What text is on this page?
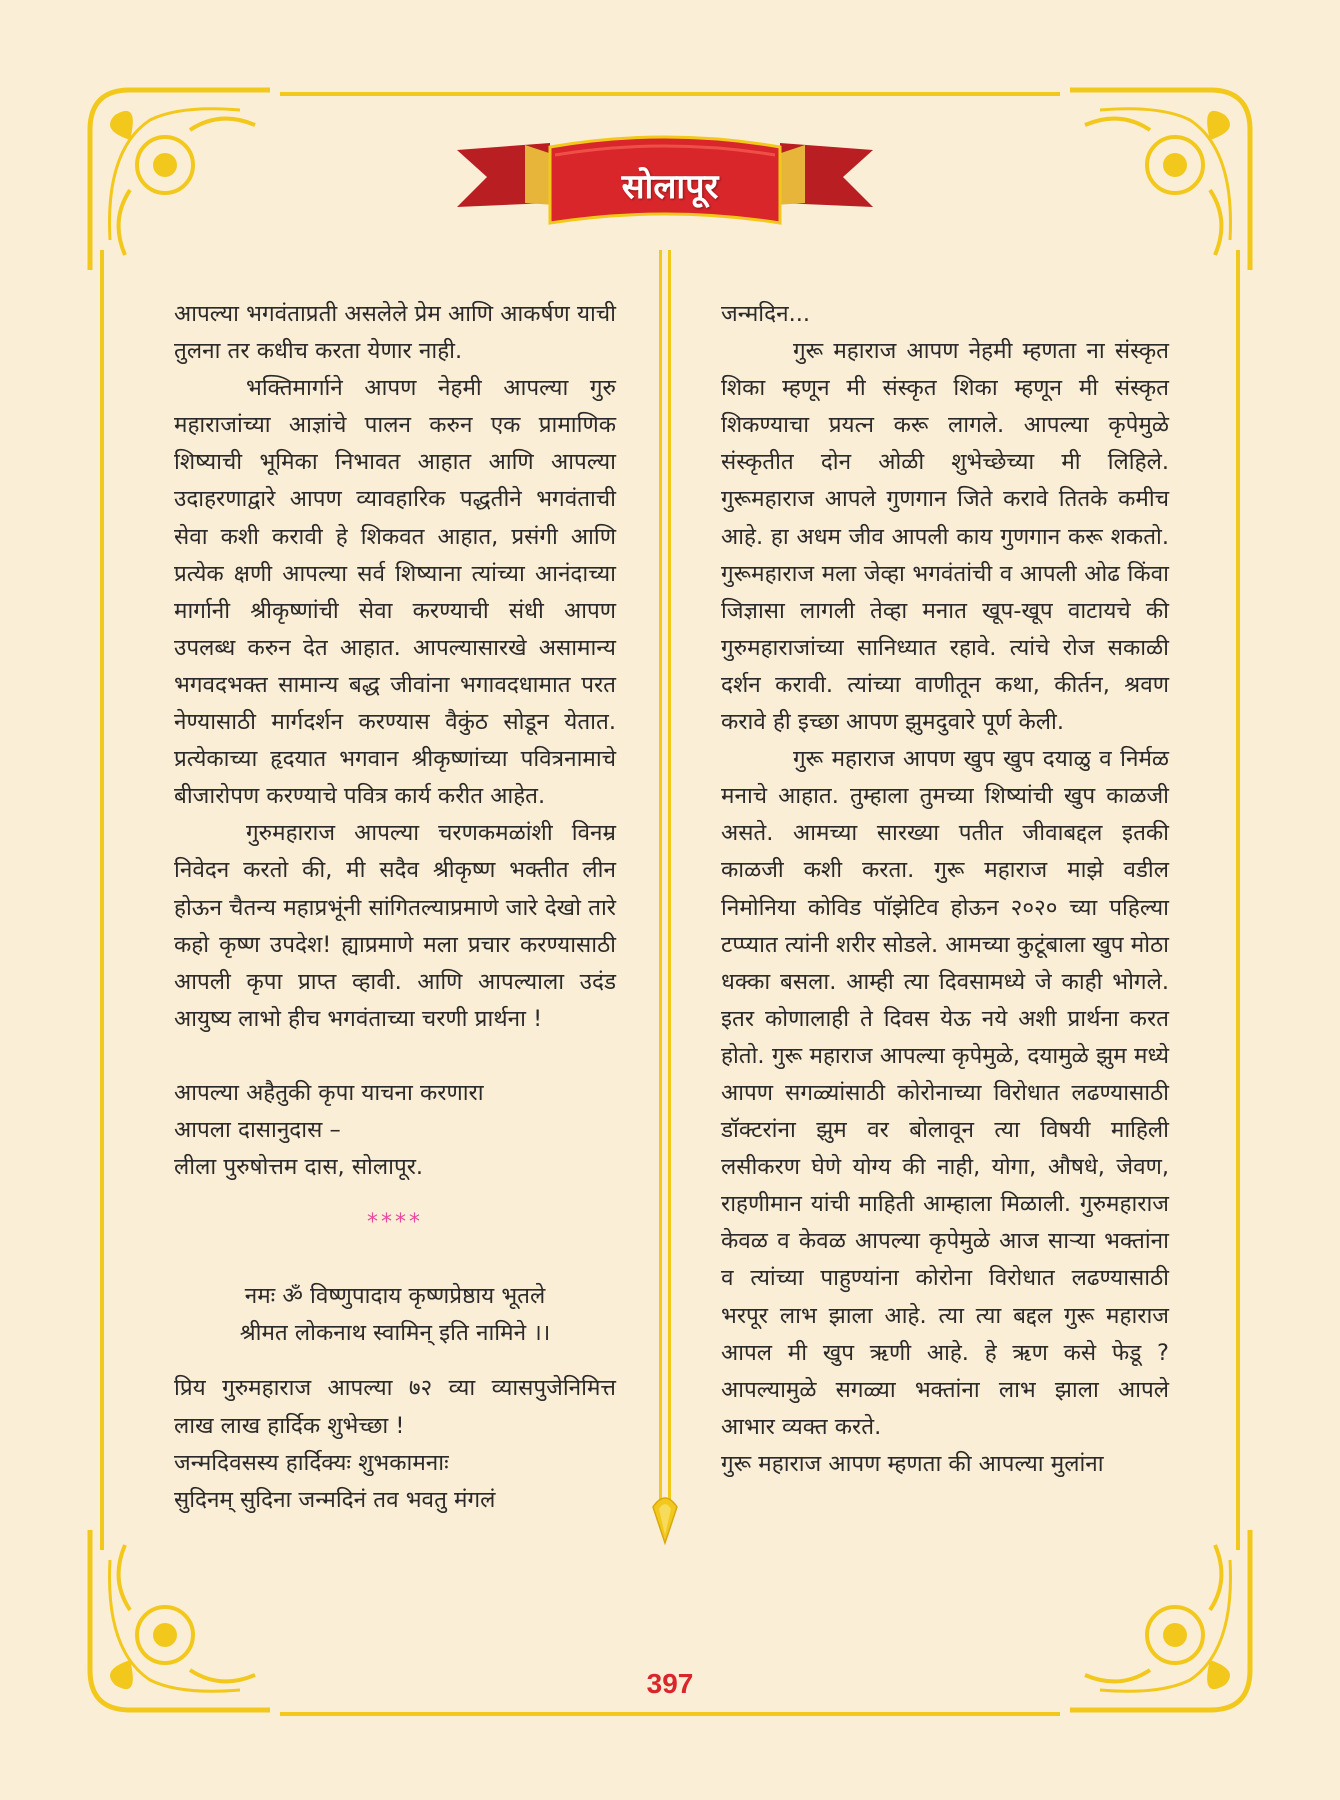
सोलापूर

आपल्या भगवंताप्रती असलेले प्रेम आणि आकर्षण याची तुलना तर कधीच करता येणार नाही.

भक्तिमार्गाने आपण नेहमी आपल्या गुरु महाराजांच्या आज्ञांचे पालन करुन एक प्रामाणिक शिष्याची भूमिका निभावत आहात आणि आपल्या उदाहरणाद्वारे आपण व्यावहारिक पद्धतीने भगवंताची सेवा कशी करावी हे शिकवत आहात, प्रसंगी आणि प्रत्येक क्षणी आपल्या सर्व शिष्याना त्यांच्या आनंदाच्या मार्गानी श्रीकृष्णांची सेवा करण्याची संधी आपण उपलब्ध करुन देत आहात. आपल्यासारखे असामान्य भगवदभक्त सामान्य बद्ध जीवांना भगावदधामात परत नेण्यासाठी मार्गदर्शन करण्यास वैकुंठ सोडून येतात. प्रत्येकाच्या हृदयात भगवान श्रीकृष्णांच्या पवित्रनामाचे बीजारोपण करण्याचे पवित्र कार्य करीत आहेत.

गुरुमहाराज आपल्या चरणकमळांशी विनम्र निवेदन करतो की, मी सदैव श्रीकृष्ण भक्तीत लीन होऊन चैतन्य महाप्रभूंनी सांगितल्याप्रमाणे जारे देखो तारे कहो कृष्ण उपदेश! ह्याप्रमाणे मला प्रचार करण्यासाठी आपली कृपा प्राप्त व्हावी. आणि आपल्याला उदंड आयुष्य लाभो हीच भगवंताच्या चरणी प्रार्थना !

आपल्या अहैतुकी कृपा याचना करणारा

आपला दासानुदास –

लीला पुरुषोत्तम दास, सोलापूर.

****

नमः ॐ विष्णुपादाय कृष्णप्रेष्ठाय भूतले

श्रीमत लोकनाथ स्वामिन् इति नामिने ।।

प्रिय गुरुमहाराज आपल्या ७२ व्या व्यासपुजेनिमित्त लाख लाख हार्दिक शुभेच्छा !

जन्मदिवसस्य हार्दिक्यः शुभकामनाः

सुदिनम् सुदिना जन्मदिनं तव भवतु मंगलं

जन्मदिन...

गुरू महाराज आपण नेहमी म्हणता ना संस्कृत शिका म्हणून मी संस्कृत शिका म्हणून मी संस्कृत शिकण्याचा प्रयत्न करू लागले. आपल्या कृपेमुळे संस्कृतीत दोन ओळी शुभेच्छेच्या मी लिहिले. गुरूमहाराज आपले गुणगान जिते करावे तितके कमीच आहे. हा अधम जीव आपली काय गुणगान करू शकतो. गुरूमहाराज मला जेव्हा भगवंतांची व आपली ओढ किंवा जिज्ञासा लागली तेव्हा मनात खूप-खूप वाटायचे की गुरुमहाराजांच्या सानिध्यात रहावे. त्यांचे रोज सकाळी दर्शन करावी. त्यांच्या वाणीतून कथा, कीर्तन, श्रवण करावे ही इच्छा आपण झुमदुवारे पूर्ण केली.

गुरू महाराज आपण खुप खुप दयाळु व निर्मळ मनाचे आहात. तुम्हाला तुमच्या शिष्यांची खुप काळजी असते. आमच्या सारख्या पतीत जीवाबद्दल इतकी काळजी कशी करता. गुरू महाराज माझे वडील निमोनिया कोविड पॉझेटिव होऊन २०२० च्या पहिल्या टप्प्यात त्यांनी शरीर सोडले. आमच्या कुटूंबाला खुप मोठा धक्का बसला. आम्ही त्या दिवसामध्ये जे काही भोगले. इतर कोणालाही ते दिवस येऊ नये अशी प्रार्थना करत होतो. गुरू महाराज आपल्या कृपेमुळे, दयामुळे झुम मध्ये आपण सगळ्यांसाठी कोरोनाच्या विरोधात लढण्यासाठी डॉक्टरांना झुम वर बोलावून त्या विषयी माहिली लसीकरण घेणे योग्य की नाही, योगा, औषधे, जेवण, राहणीमान यांची माहिती आम्हाला मिळाली. गुरुमहाराज केवळ व केवळ आपल्या कृपेमुळे आज साऱ्या भक्तांना व त्यांच्या पाहुण्यांना कोरोना विरोधात लढण्यासाठी भरपूर लाभ झाला आहे. त्या त्या बद्दल गुरू महाराज आपल मी खुप ऋणी आहे. हे ऋण कसे फेडू ? आपल्यामुळे सगळ्या भक्तांना लाभ झाला आपले आभार व्यक्त करते.

गुरू महाराज आपण म्हणता की आपल्या मुलांना

397
